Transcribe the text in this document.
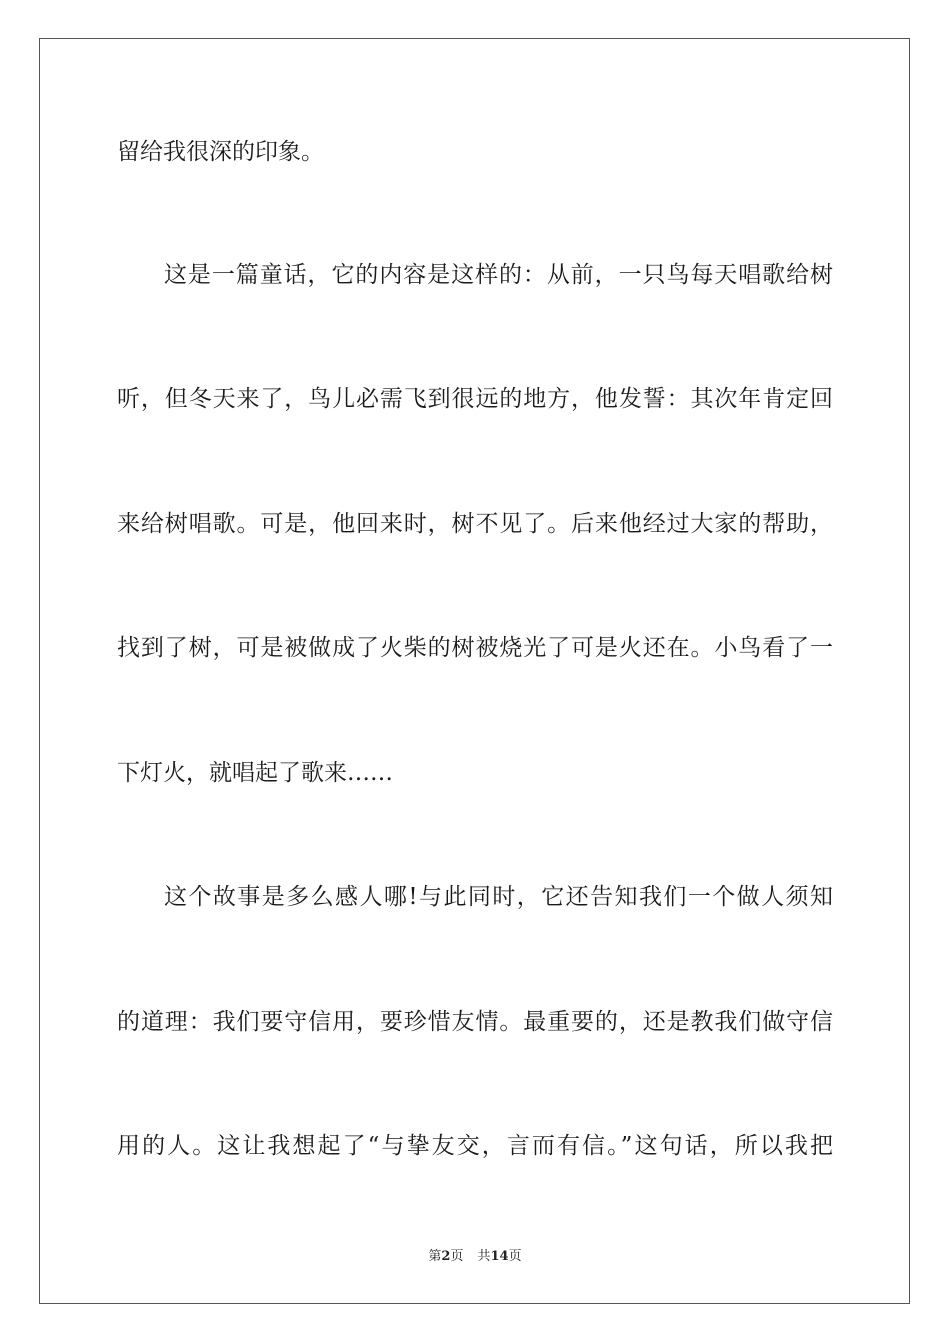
留给我很深的印象。
这是一篇童话，它的内容是这样的：从前，一只鸟每天唱歌给树
听，但冬天来了，鸟儿必需飞到很远的地方，他发誓：其次年肯定回
来给树唱歌。可是，他回来时，树不见了。后来他经过大家的帮助，
找到了树，可是被做成了火柴的树被烧光了可是火还在。小鸟看了一
下灯火，就唱起了歌来……
这个故事是多么感人哪!与此同时，它还告知我们一个做人须知
的道理：我们要守信用，要珍惜友情。最重要的，还是教我们做守信
用的人。这让我想起了“与挚友交，言而有信。”这句话，所以我把
第2页 共14页
